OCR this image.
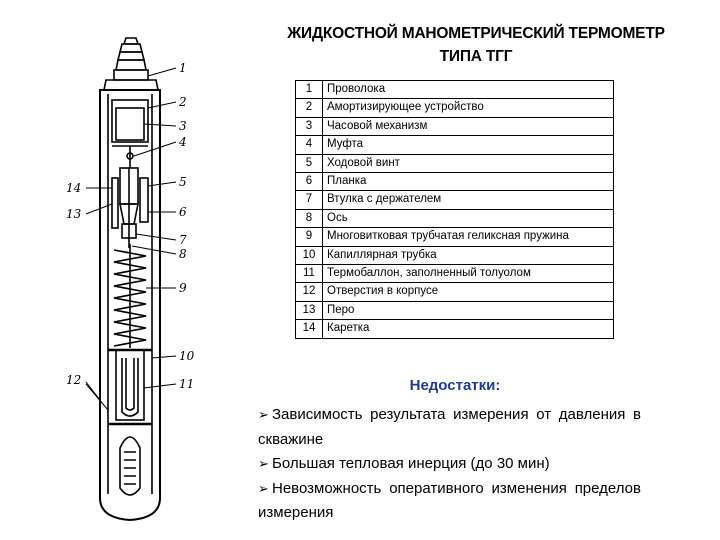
1
2
3
4
5
6
7
8
9
10
11
12
13
14
ЖИДКОСТНОЙ МАНОМЕТРИЧЕСКИЙ ТЕРМОМЕТР
ТИПА ТГГ
1	Проволока
2	Амортизирующее устройство
3	Часовой механизм
4	Муфта
5	Ходовой винт
6	Планка
7	Втулка с держателем
8	Ось
9	Многовитковая трубчатая геликсная пружина
10	Капиллярная трубка
11	Термобаллон, заполненный толуолом
12	Отверстия в корпусе
13	Перо
14	Каретка
Недостатки:
➢ Зависимость результата измерения от давления в скважине
➢ Большая тепловая инерция (до 30 мин)
➢ Невозможность оперативного изменения пределов измерения
